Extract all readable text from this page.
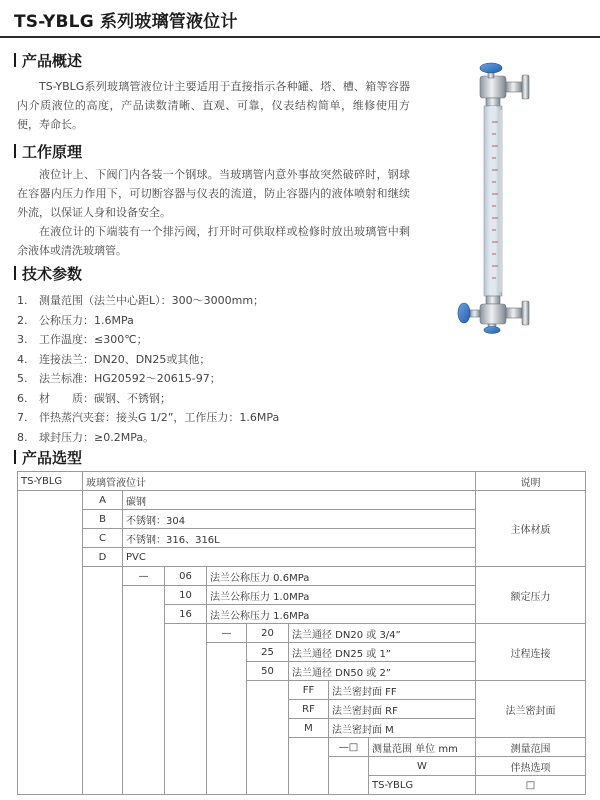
TS-YBLG 系列玻璃管液位计
产品概述
TS-YBLG系列玻璃管液位计主要适用于直接指示各种罐、塔、槽、箱等容器内介质液位的高度，产品读数清晰、直观、可靠，仪表结构简单，维修使用方便，寿命长。
工作原理
液位计上、下阀门内各装一个钢球。当玻璃管内意外事故突然破碎时，钢球在容器内压力作用下，可切断容器与仪表的流道，防止容器内的液体喷射和继续外流，以保证人身和设备安全。
在液位计的下端装有一个排污阀，打开时可供取样或检修时放出玻璃管中剩余液体或清洗玻璃管。
技术参数
1.	测量范围（法兰中心距L）：300～3000mm；
2.	公称压力：1.6MPa
3.	工作温度：≤300℃；
4.	连接法兰：DN20、DN25或其他；
5.	法兰标准：HG20592～20615-97；
6.	材　　质：碳钢、不锈钢；
7.	伴热蒸汽夹套：接头G 1/2”，工作压力：1.6MPa
8.	球封压力：≥0.2MPa。
产品选型
TS-YBLG	玻璃管液位计								说明	
	A	碳钢							主体材质	
	B	不锈钢：304								
	C	不锈钢：316、316L								
	D	PVC								
		—	06	法兰公称压力 0.6MPa					额定压力	
			10	法兰公称压力 1.0MPa						
			16	法兰公称压力 1.6MPa						
				—	20	法兰通径 DN20 或 3/4”			过程连接	
					25	法兰通径 DN25 或 1”				
					50	法兰通径 DN50 或 2”				
						FF	法兰密封面 FF		法兰密封面	
						RF	法兰密封面 RF			
						M	法兰密封面 M			
							—□	测量范围 单位 mm	测量范围	
								W	伴热选项	
								TS-YBLG	□								
